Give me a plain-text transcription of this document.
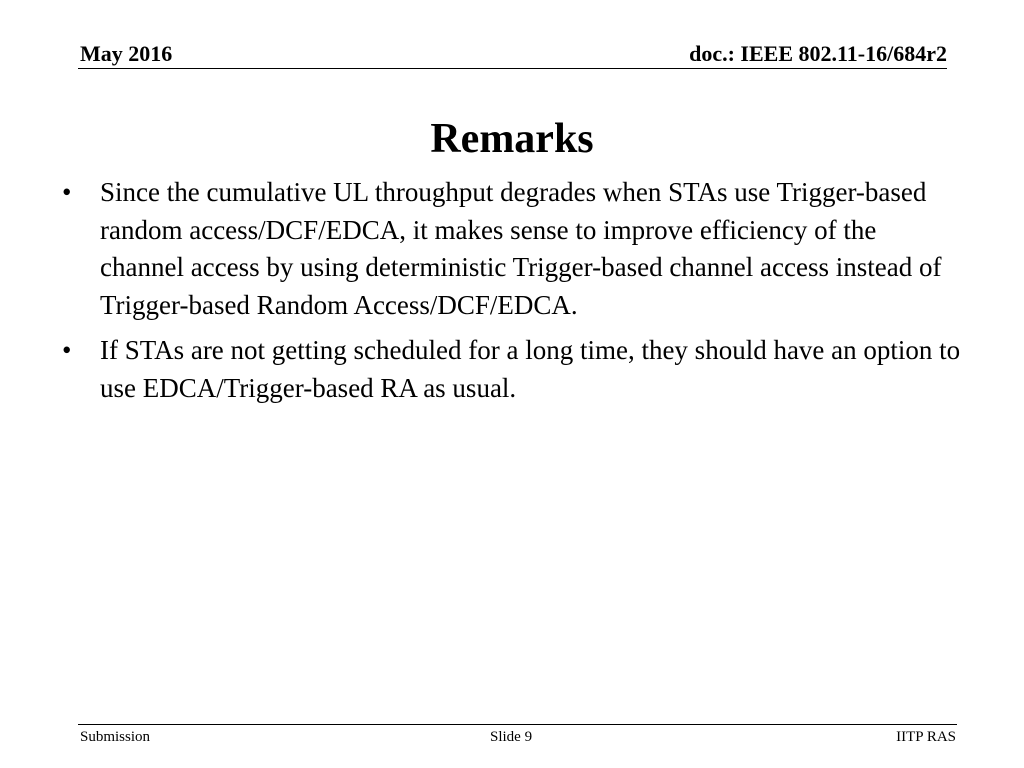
May 2016	doc.: IEEE 802.11-16/684r2
Remarks
•	Since the cumulative UL throughput degrades when STAs use Trigger-based random access/DCF/EDCA, it makes sense to improve efficiency of the channel access by using deterministic Trigger-based channel access instead of Trigger-based Random Access/DCF/EDCA.
•	If STAs are not getting scheduled for a long time, they should have an option to use EDCA/Trigger-based RA as usual.
Submission	Slide 9	IITP RAS
